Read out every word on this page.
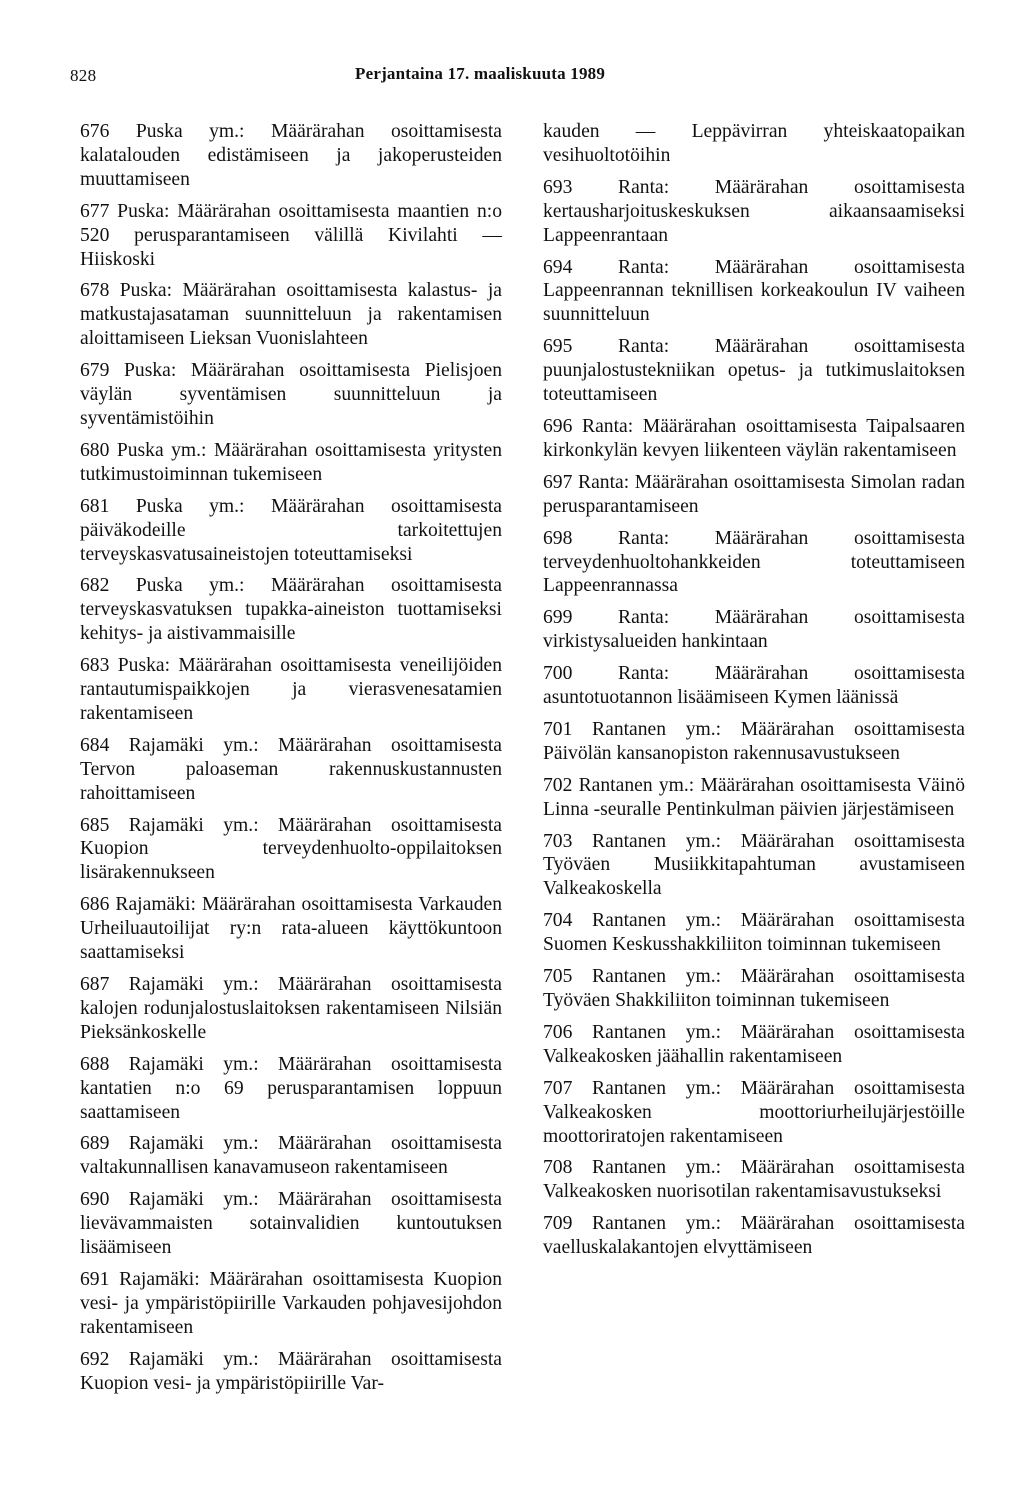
828	Perjantaina 17. maaliskuuta 1989

676 Puska ym.: Määrärahan osoittamisesta kalatalouden edistämiseen ja jakoperusteiden muuttamiseen

677 Puska: Määrärahan osoittamisesta maantien n:o 520 perusparantamiseen välillä Kivilahti — Hiiskoski

678 Puska: Määrärahan osoittamisesta kalastus- ja matkustajasataman suunnitteluun ja rakentamisen aloittamiseen Lieksan Vuonislahteen

679 Puska: Määrärahan osoittamisesta Pielisjoen väylän syventämisen suunnitteluun ja syventämistöihin

680 Puska ym.: Määrärahan osoittamisesta yritysten tutkimustoiminnan tukemiseen

681 Puska ym.: Määrärahan osoittamisesta päiväkodeille tarkoitettujen terveyskasvatusaineistojen toteuttamiseksi

682 Puska ym.: Määrärahan osoittamisesta terveyskasvatuksen tupakka-aineiston tuottamiseksi kehitys- ja aistivammaisille

683 Puska: Määrärahan osoittamisesta veneilijöiden rantautumispaikkojen ja vierasvenesatamien rakentamiseen

684 Rajamäki ym.: Määrärahan osoittamisesta Tervon paloaseman rakennuskustannusten rahoittamiseen

685 Rajamäki ym.: Määrärahan osoittamisesta Kuopion terveydenhuolto-oppilaitoksen lisärakennukseen

686 Rajamäki: Määrärahan osoittamisesta Varkauden Urheiluautoilijat ry:n rata-alueen käyttökuntoon saattamiseksi

687 Rajamäki ym.: Määrärahan osoittamisesta kalojen rodunjalostuslaitoksen rakentamiseen Nilsiän Pieksänkoskelle

688 Rajamäki ym.: Määrärahan osoittamisesta kantatien n:o 69 perusparantamisen loppuun saattamiseen

689 Rajamäki ym.: Määrärahan osoittamisesta valtakunnallisen kanavamuseon rakentamiseen

690 Rajamäki ym.: Määrärahan osoittamisesta lievävammaisten sotainvalidien kuntoutuksen lisäämiseen

691 Rajamäki: Määrärahan osoittamisesta Kuopion vesi- ja ympäristöpiirille Varkauden pohjavesijohdon rakentamiseen

692 Rajamäki ym.: Määrärahan osoittamisesta Kuopion vesi- ja ympäristöpiirille Var-

kauden — Leppävirran yhteiskaatopaikan vesihuoltotöihin

693 Ranta: Määrärahan osoittamisesta kertausharjoituskeskuksen aikaansaamiseksi Lappeenrantaan

694 Ranta: Määrärahan osoittamisesta Lappeenrannan teknillisen korkeakoulun IV vaiheen suunnitteluun

695 Ranta: Määrärahan osoittamisesta puunjalostustekniikan opetus- ja tutkimuslaitoksen toteuttamiseen

696 Ranta: Määrärahan osoittamisesta Taipalsaaren kirkonkylän kevyen liikenteen väylän rakentamiseen

697 Ranta: Määrärahan osoittamisesta Simolan radan perusparantamiseen

698 Ranta: Määrärahan osoittamisesta terveydenhuoltohankkeiden toteuttamiseen Lappeenrannassa

699 Ranta: Määrärahan osoittamisesta virkistysalueiden hankintaan

700 Ranta: Määrärahan osoittamisesta asuntotuotannon lisäämiseen Kymen läänissä

701 Rantanen ym.: Määrärahan osoittamisesta Päivölän kansanopiston rakennusavustukseen

702 Rantanen ym.: Määrärahan osoittamisesta Väinö Linna -seuralle Pentinkulman päivien järjestämiseen

703 Rantanen ym.: Määrärahan osoittamisesta Työväen Musiikkitapahtuman avustamiseen Valkeakoskella

704 Rantanen ym.: Määrärahan osoittamisesta Suomen Keskusshakkiliiton toiminnan tukemiseen

705 Rantanen ym.: Määrärahan osoittamisesta Työväen Shakkiliiton toiminnan tukemiseen

706 Rantanen ym.: Määrärahan osoittamisesta Valkeakosken jäähallin rakentamiseen

707 Rantanen ym.: Määrärahan osoittamisesta Valkeakosken moottoriurheilujärjestöille moottoriratojen rakentamiseen

708 Rantanen ym.: Määrärahan osoittamisesta Valkeakosken nuorisotilan rakentamisavustukseksi

709 Rantanen ym.: Määrärahan osoittamisesta vaelluskalakantojen elvyttämiseen
